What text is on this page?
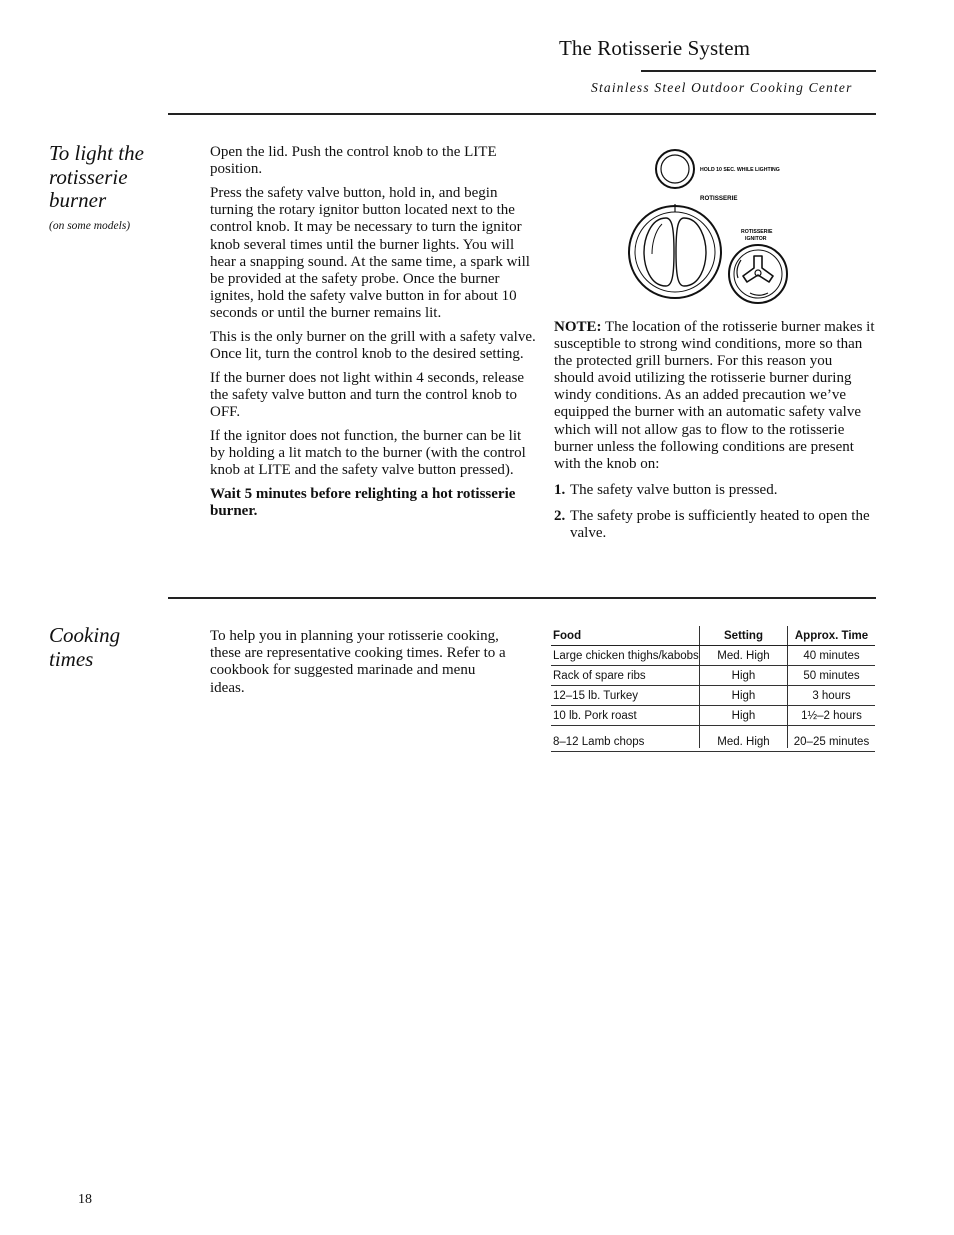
The Rotisserie System
Stainless Steel Outdoor Cooking Center
To light the
rotisserie
burner
(on some models)

Open the lid. Push the control knob to the LITE position.

Press the safety valve button, hold in, and begin turning the rotary ignitor button located next to the control knob. It may be necessary to turn the ignitor knob several times until the burner lights. You will hear a snapping sound. At the same time, a spark will be provided at the safety probe. Once the burner ignites, hold the safety valve button in for about 10 seconds or until the burner remains lit.

This is the only burner on the grill with a safety valve. Once lit, turn the control knob to the desired setting.

If the burner does not light within 4 seconds, release the safety valve button and turn the control knob to OFF.

If the ignitor does not function, the burner can be lit by holding a lit match to the burner (with the control knob at LITE and the safety valve button pressed).

Wait 5 minutes before relighting a hot rotisserie burner.

HOLD 10 SEC. WHILE LIGHTING
ROTISSERIE
ROTISSERIE
IGNITOR

NOTE: The location of the rotisserie burner makes it susceptible to strong wind conditions, more so than the protected grill burners. For this reason you should avoid utilizing the rotisserie burner during windy conditions. As an added precaution we’ve equipped the burner with an automatic safety valve which will not allow gas to flow to the rotisserie burner unless the following conditions are present with the knob on:

1. The safety valve button is pressed.
2. The safety probe is sufficiently heated to open the valve.
Cooking
times
To help you in planning your rotisserie cooking, these are representative cooking times. Refer to a cookbook for suggested marinade and menu ideas.
Food	Setting	Approx. Time
Large chicken thighs/kabobs	Med. High	40 minutes
Rack of spare ribs	High	50 minutes
12–15 lb. Turkey	High	3 hours
10 lb. Pork roast	High	1½–2 hours
8–12 Lamb chops	Med. High	20–25 minutes
18
